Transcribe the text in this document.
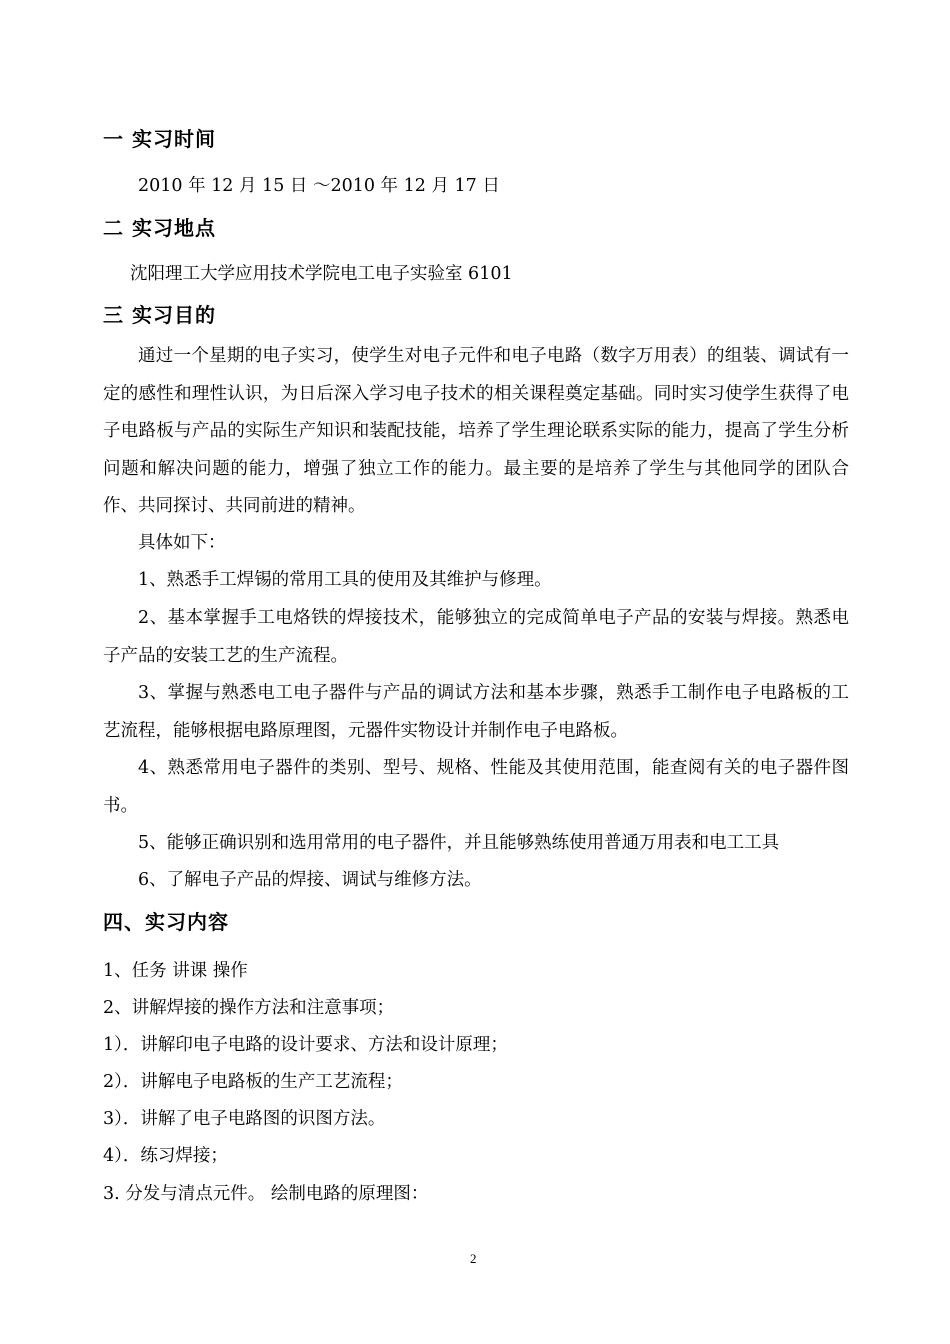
一 实习时间
2010 年 12 月 15 日 ～2010 年 12 月 17 日
二 实习地点
沈阳理工大学应用技术学院电工电子实验室 6101
三 实习目的
通过一个星期的电子实习，使学生对电子元件和电子电路（数字万用表）的组装、调试有一定的感性和理性认识，为日后深入学习电子技术的相关课程奠定基础。同时实习使学生获得了电子电路板与产品的实际生产知识和装配技能，培养了学生理论联系实际的能力，提高了学生分析问题和解决问题的能力，增强了独立工作的能力。最主要的是培养了学生与其他同学的团队合作、共同探讨、共同前进的精神。
具体如下：
1、熟悉手工焊锡的常用工具的使用及其维护与修理。
2、基本掌握手工电烙铁的焊接技术，能够独立的完成简单电子产品的安装与焊接。熟悉电子产品的安装工艺的生产流程。
3、掌握与熟悉电工电子器件与产品的调试方法和基本步骤，熟悉手工制作电子电路板的工艺流程，能够根据电路原理图，元器件实物设计并制作电子电路板。
4、熟悉常用电子器件的类别、型号、规格、性能及其使用范围，能查阅有关的电子器件图书。
5、能够正确识别和选用常用的电子器件，并且能够熟练使用普通万用表和电工工具
6、了解电子产品的焊接、调试与维修方法。
四、实习内容
1、任务 讲课 操作
2、讲解焊接的操作方法和注意事项；
1）．讲解印电子电路的设计要求、方法和设计原理；
2）．讲解电子电路板的生产工艺流程；
3）．讲解了电子电路图的识图方法。
4）．练习焊接；
3. 分发与清点元件。 绘制电路的原理图：
2
